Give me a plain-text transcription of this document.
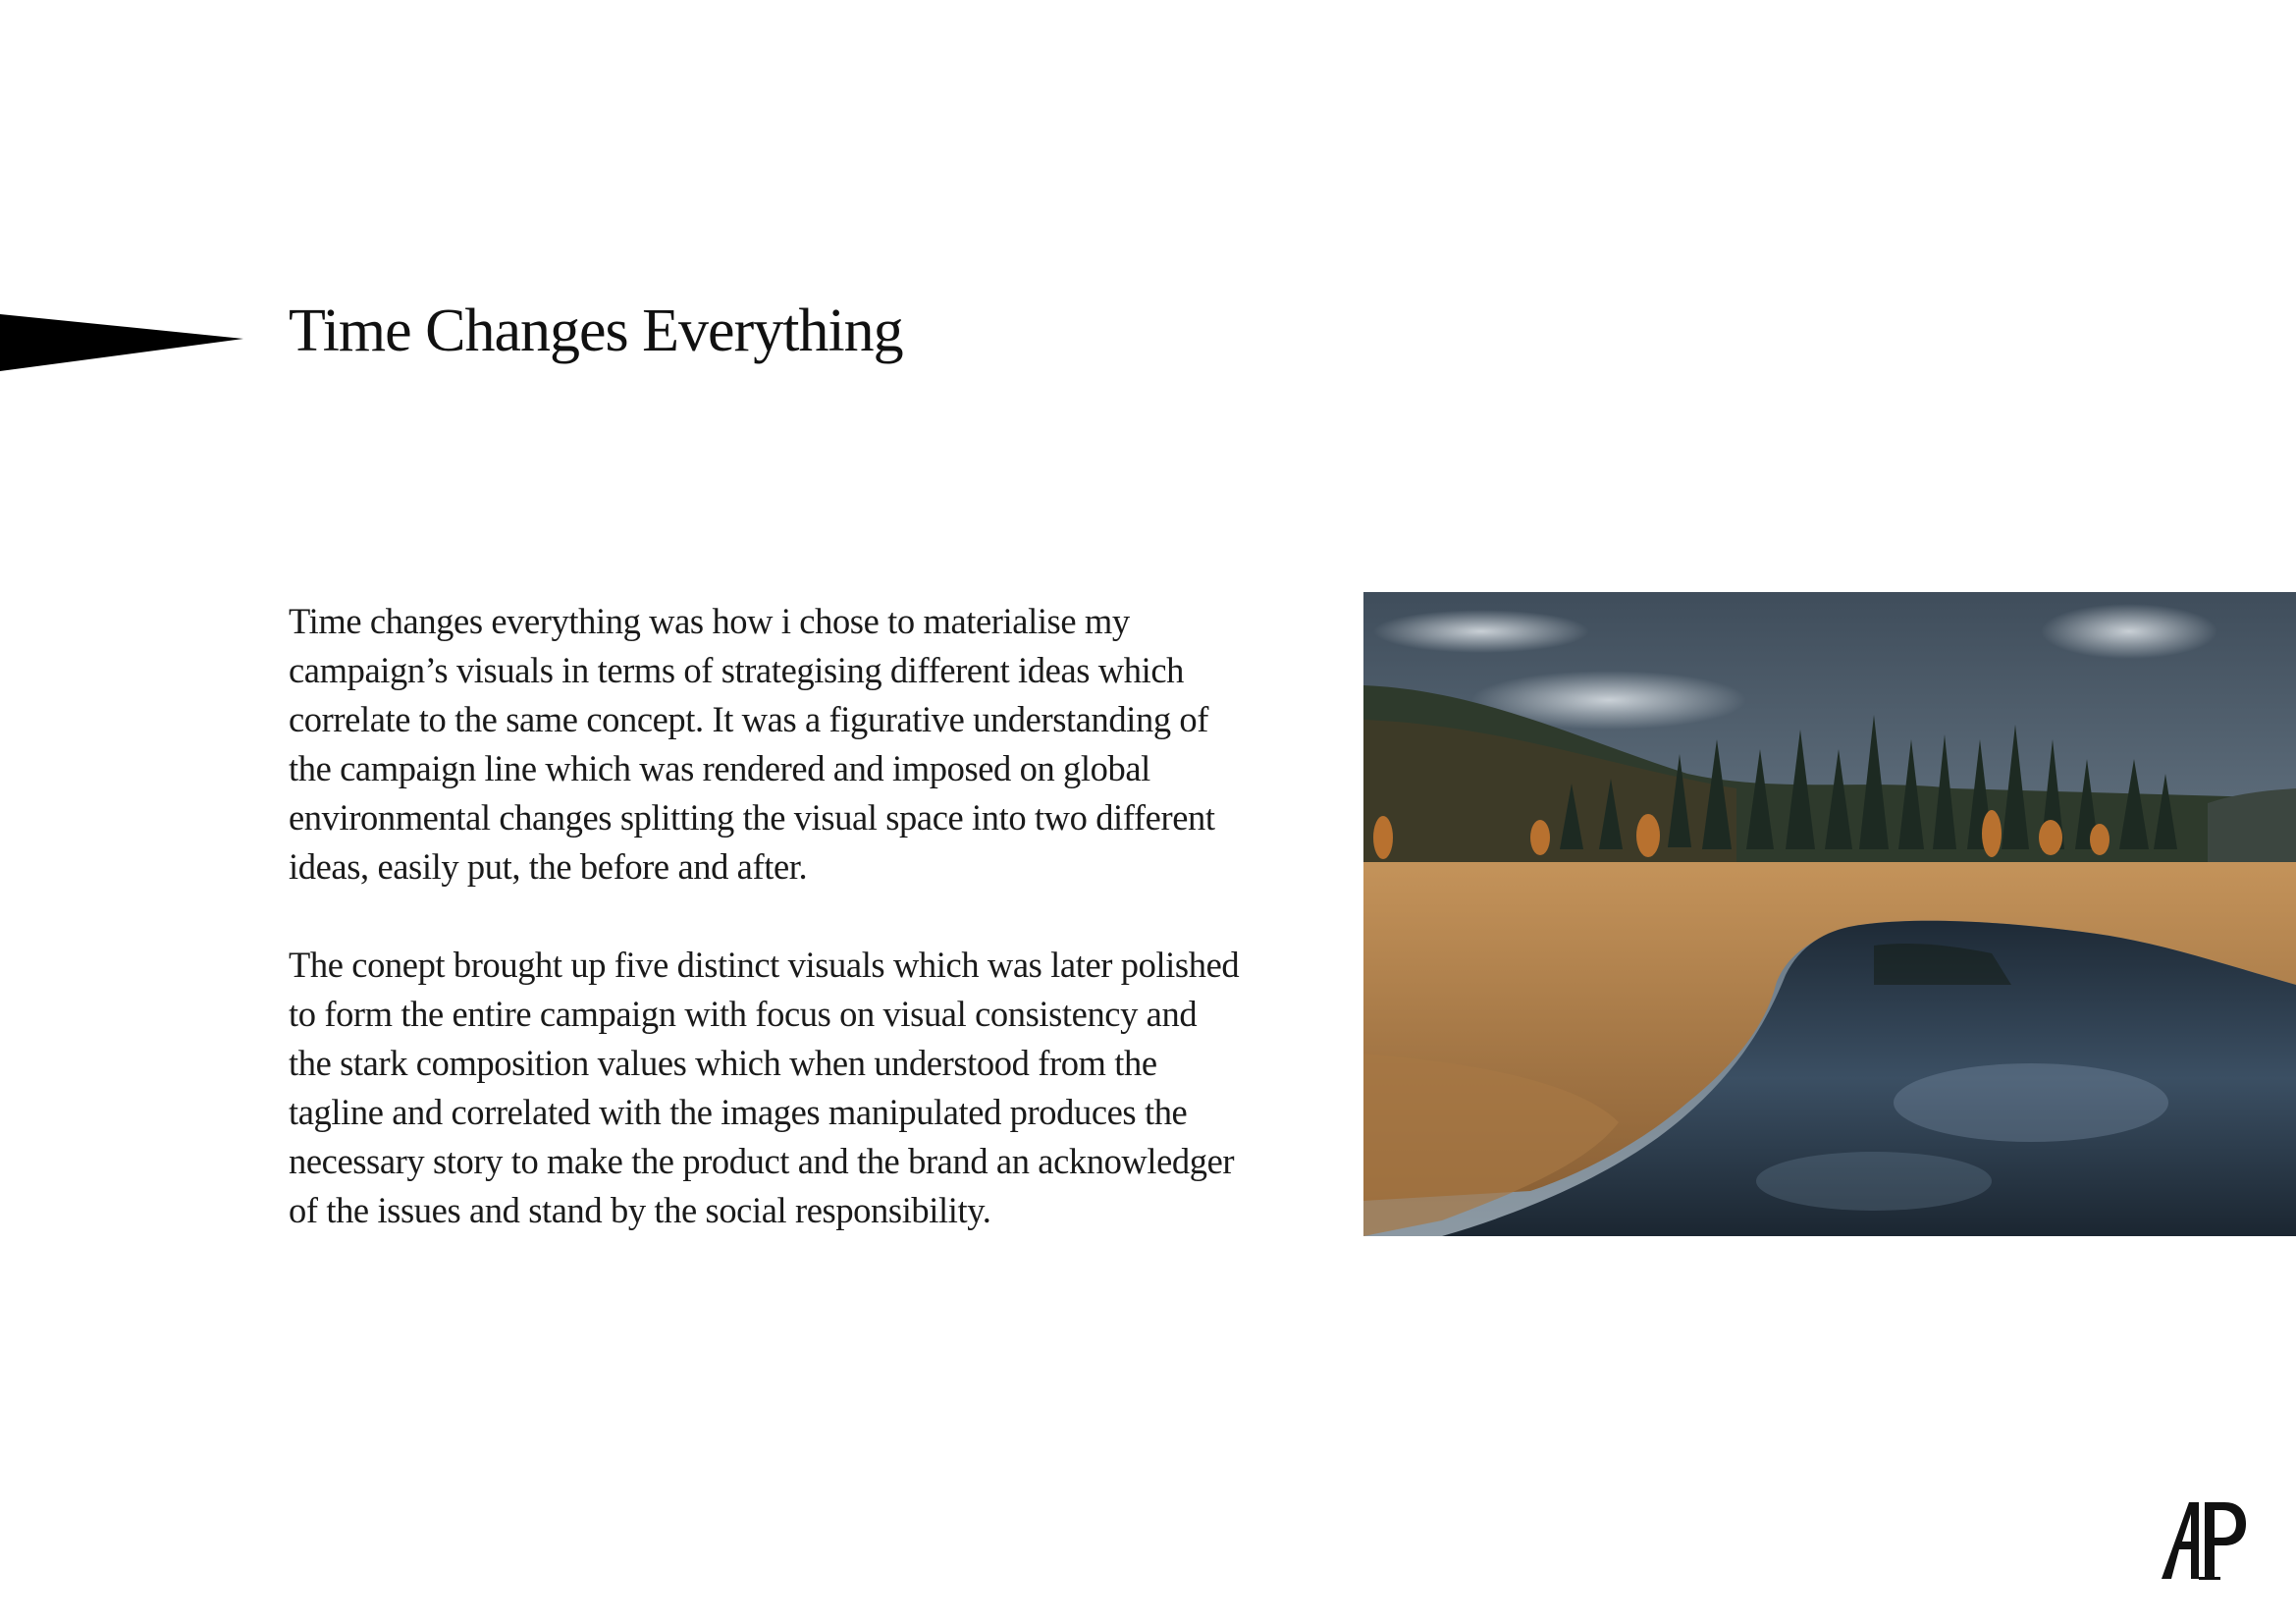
Time Changes Everything

Time changes everything was how i chose to materialise my campaign’s visuals in terms of strategising different ideas which correlate to the same concept. It was a figurative understanding of the campaign line which was rendered and imposed on global environmental changes splitting the visual space into two different ideas, easily put, the before and after.

The conept brought up five distinct visuals which was later polished to form the entire campaign with focus on visual consistency and the stark composition values which when understood from the tagline and correlated with the images manipulated produces the necessary story to make the product and the brand an acknowledger of the issues and stand by the social responsibility.
